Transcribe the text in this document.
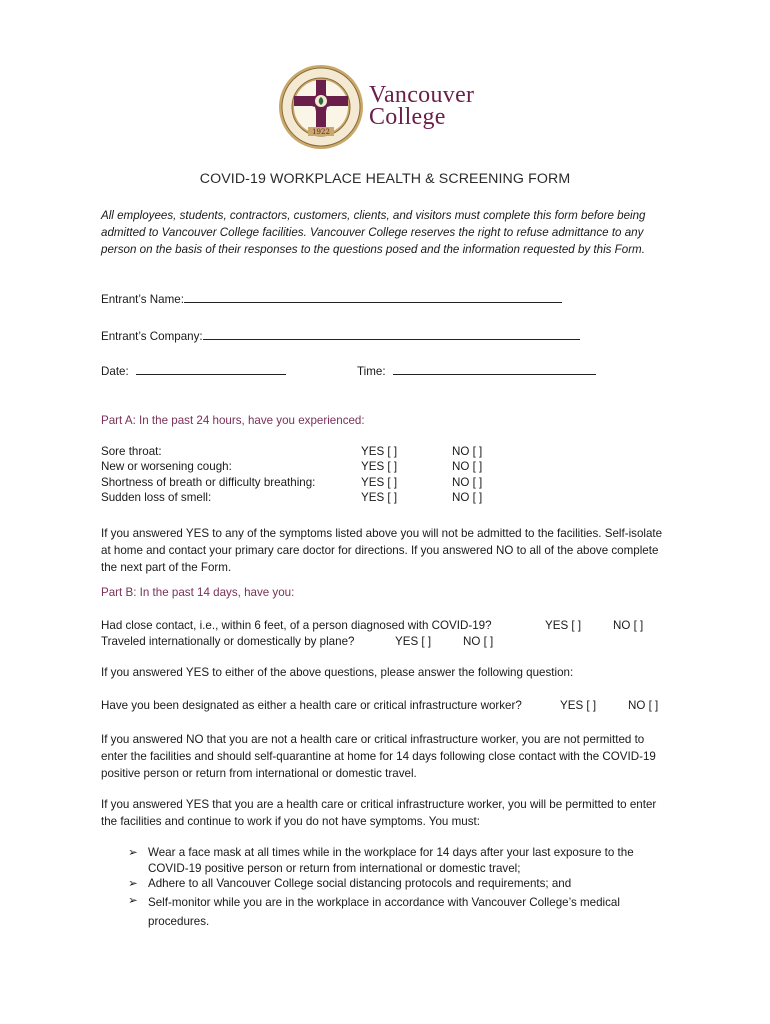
1922
Vancouver
College
COVID-19 WORKPLACE HEALTH & SCREENING FORM
All employees, students, contractors, customers, clients, and visitors must complete this form before being admitted to Vancouver College facilities. Vancouver College reserves the right to refuse admittance to any person on the basis of their responses to the questions posed and the information requested by this Form.
Entrant’s Name:
Entrant’s Company:
Date:	Time:
Part A: In the past 24 hours, have you experienced:
Sore throat:	YES [ ]	NO [ ]
New or worsening cough:	YES [ ]	NO [ ]
Shortness of breath or difficulty breathing:	YES [ ]	NO [ ]
Sudden loss of smell:	YES [ ]	NO [ ]
If you answered YES to any of the symptoms listed above you will not be admitted to the facilities. Self-isolate at home and contact your primary care doctor for directions. If you answered NO to all of the above complete the next part of the Form.
Part B: In the past 14 days, have you:
Had close contact, i.e., within 6 feet, of a person diagnosed with COVID-19?	YES [ ]	NO [ ]
Traveled internationally or domestically by plane?	YES [ ]	NO [ ]
If you answered YES to either of the above questions, please answer the following question:
Have you been designated as either a health care or critical infrastructure worker?	YES [ ]	NO [ ]
If you answered NO that you are not a health care or critical infrastructure worker, you are not permitted to enter the facilities and should self-quarantine at home for 14 days following close contact with the COVID-19 positive person or return from international or domestic travel.
If you answered YES that you are a health care or critical infrastructure worker, you will be permitted to enter the facilities and continue to work if you do not have symptoms. You must:
➢ Wear a face mask at all times while in the workplace for 14 days after your last exposure to the COVID-19 positive person or return from international or domestic travel;
➢ Adhere to all Vancouver College social distancing protocols and requirements; and
➢ Self-monitor while you are in the workplace in accordance with Vancouver College’s medical procedures.
